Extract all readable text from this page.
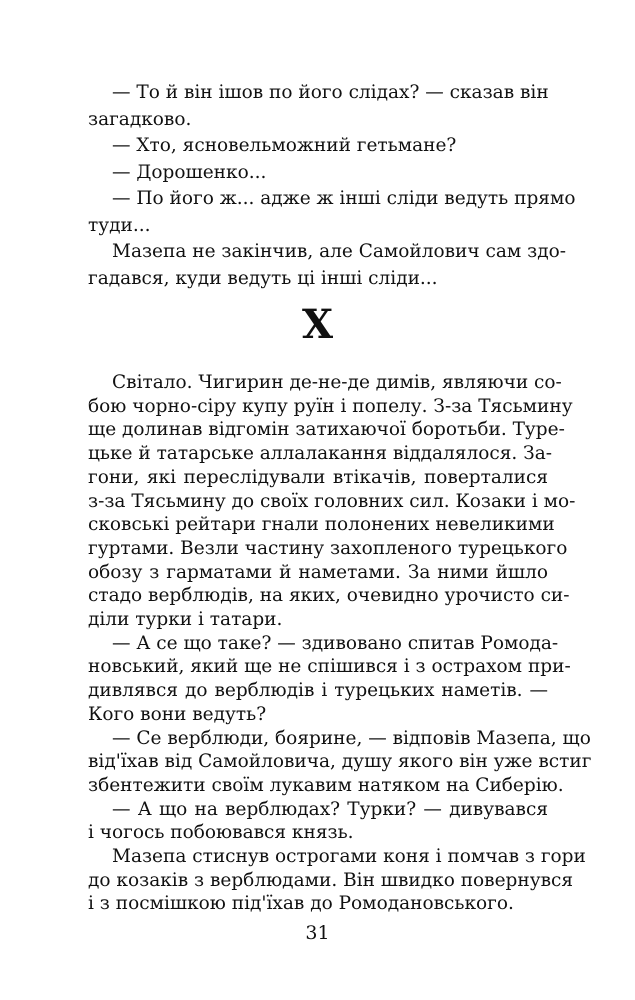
— То й він ішов по його слідах? — сказав він
загадково.
— Хто, ясновельможний гетьмане?
— Дорошенко...
— По його ж... адже ж інші сліди ведуть прямо
туди...
Мазепа не закінчив, але Самойлович сам здо-
гадався, куди ведуть ці інші сліди...
X
Світало. Чигирин де-не-де димів, являючи со-
бою чорно-сіру купу руїн і попелу. З-за Тясьмину
ще долинав відгомін затихаючої боротьби. Туре-
цьке й татарське аллалакання віддалялося. За-
гони, які переслідували втікачів, поверталися
з-за Тясьмину до своїх головних сил. Козаки і мо-
сковські рейтари гнали полонених невеликими
гуртами. Везли частину захопленого турецького
обозу з гарматами й наметами. За ними йшло
стадо верблюдів, на яких, очевидно урочисто си-
діли турки і татари.
— А се що таке? — здивовано спитав Ромода-
новський, який ще не спішився і з острахом при-
дивлявся до верблюдів і турецьких наметів. —
Кого вони ведуть?
— Се верблюди, боярине, — відповів Мазепа, що
від'їхав від Самойловича, душу якого він уже встиг
збентежити своїм лукавим натяком на Сиберію.
— А що на верблюдах? Турки? — дивувався
і чогось побоювався князь.
Мазепа стиснув острогами коня і помчав з гори
до козаків з верблюдами. Він швидко повернувся
і з посмішкою під'їхав до Ромодановського.
31
